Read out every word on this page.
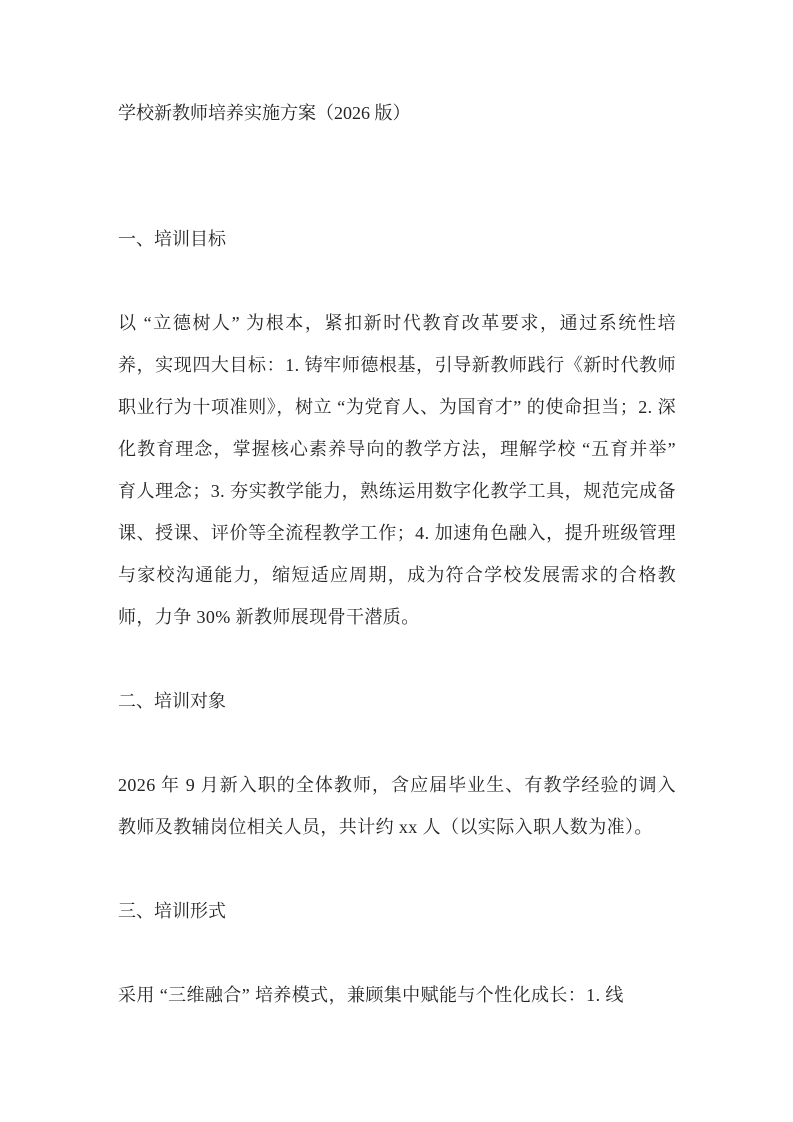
学校新教师培养实施方案（2026 版）

一、培训目标

以 “立德树人” 为根本，紧扣新时代教育改革要求，通过系统性培养，实现四大目标：1. 铸牢师德根基，引导新教师践行《新时代教师职业行为十项准则》，树立 “为党育人、为国育才” 的使命担当；2. 深化教育理念，掌握核心素养导向的教学方法，理解学校 “五育并举” 育人理念；3. 夯实教学能力，熟练运用数字化教学工具，规范完成备课、授课、评价等全流程教学工作；4. 加速角色融入，提升班级管理与家校沟通能力，缩短适应周期，成为符合学校发展需求的合格教师，力争 30% 新教师展现骨干潜质。

二、培训对象

2026 年 9 月新入职的全体教师，含应届毕业生、有教学经验的调入教师及教辅岗位相关人员，共计约 xx 人（以实际入职人数为准）。

三、培训形式

采用 “三维融合” 培养模式，兼顾集中赋能与个性化成长：1. 线
